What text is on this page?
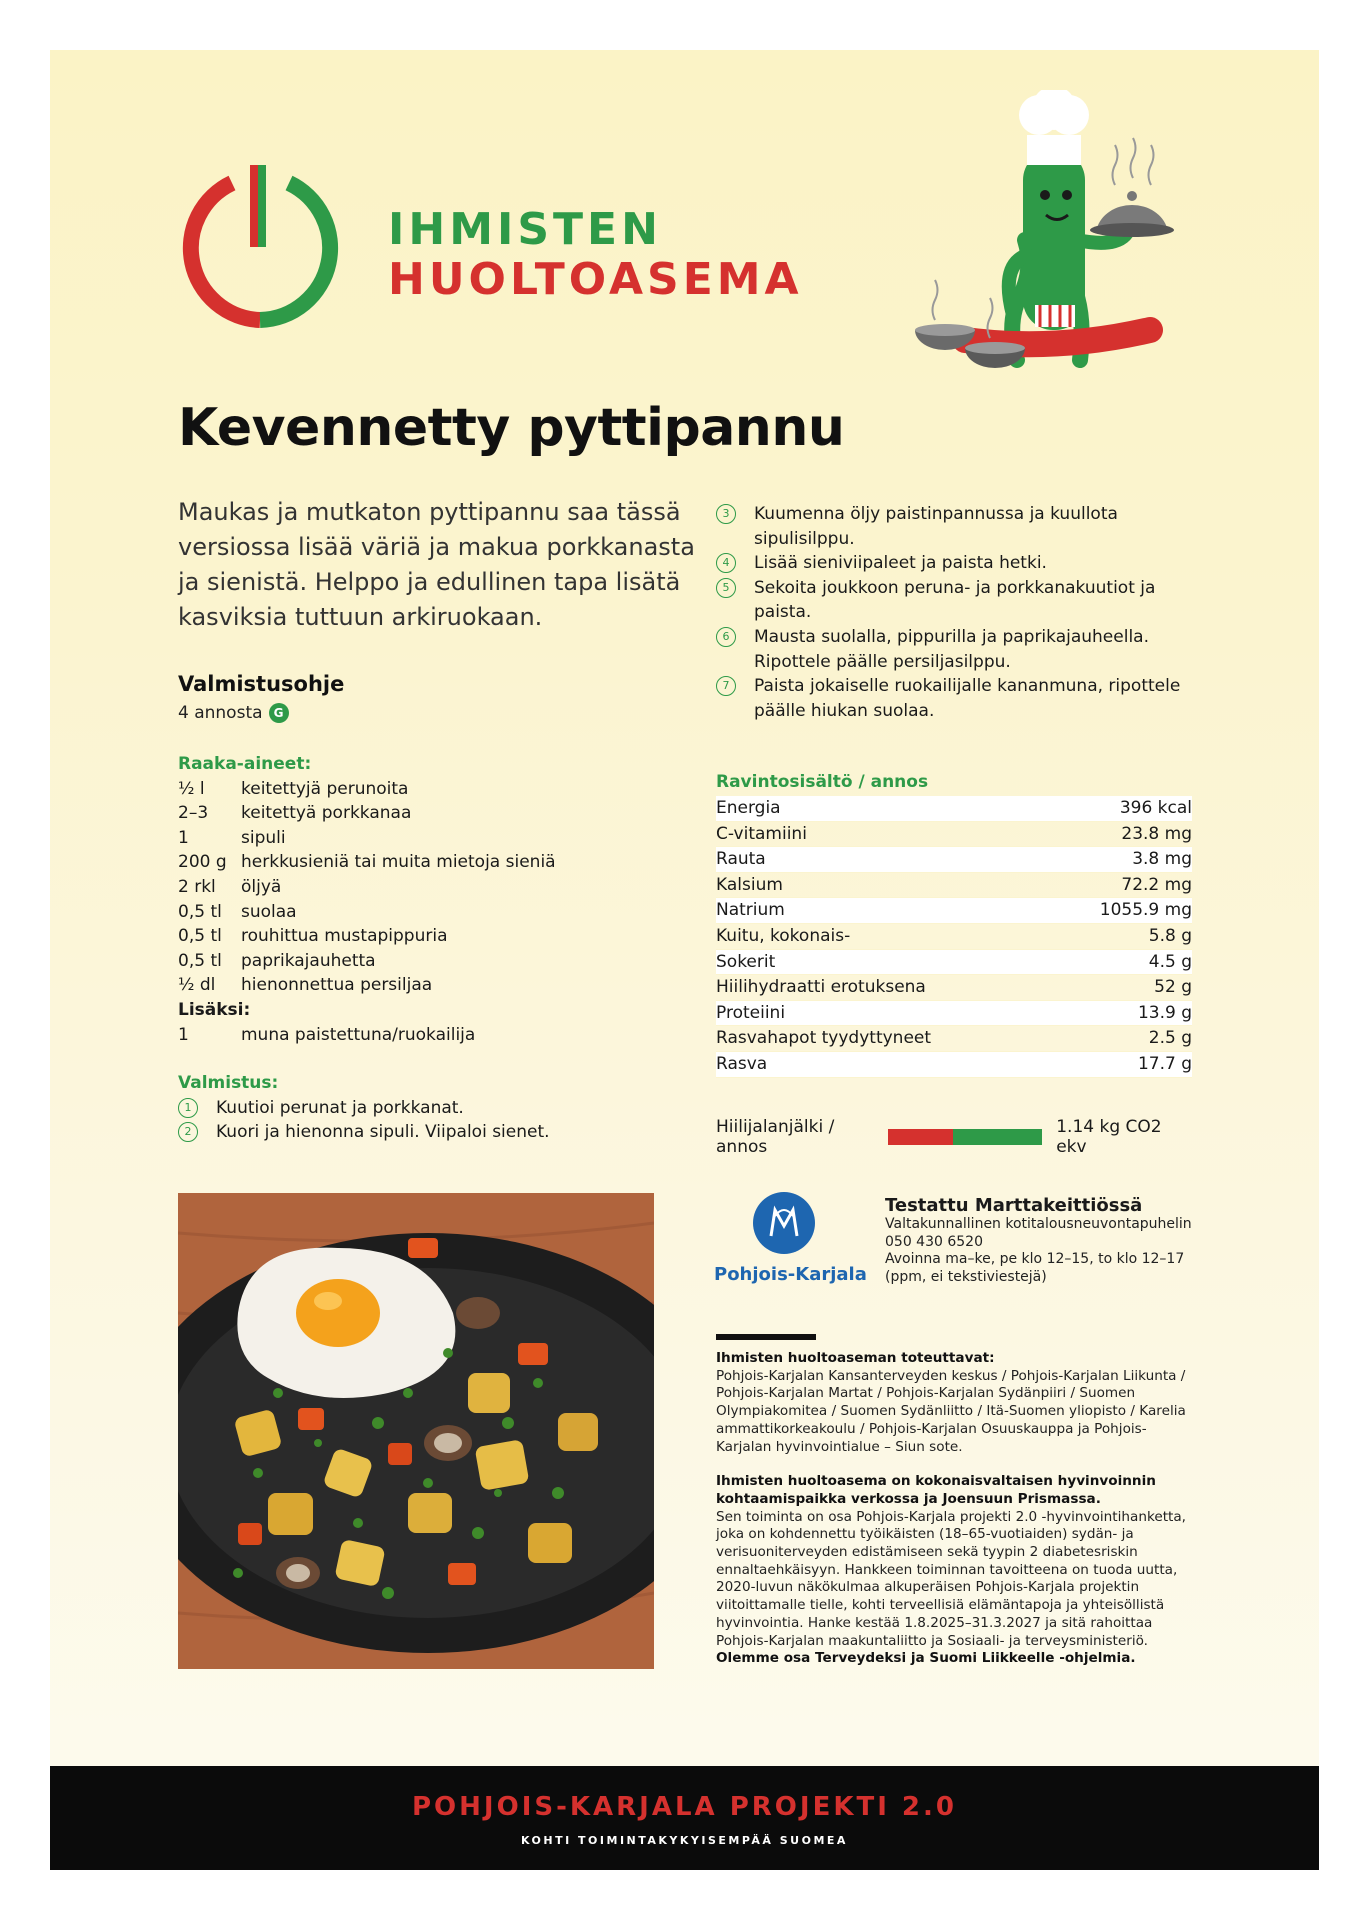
IHMISTEN
HUOLTOASEMA
Kevennetty pyttipannu
Maukas ja mutkaton pyttipannu saa tässä versiossa lisää väriä ja makua porkkanasta ja sienistä. Helppo ja edullinen tapa lisätä kasviksia tuttuun arkiruokaan.
Valmistusohje
4 annosta G
Raaka-aineet:
½ l	keitettyjä perunoita
2–3	keitettyä porkkanaa
1	sipuli
200 g herkkusieniä tai muita mietoja sieniä
2 rkl	öljyä
0,5 tl	suolaa
0,5 tl	rouhittua mustapippuria
0,5 tl	paprikajauhetta
½ dl	hienonnettua persiljaa
Lisäksi:
1	muna paistettuna/ruokailija
Valmistus:
1	Kuutioi perunat ja porkkanat.
2	Kuori ja hienonna sipuli. Viipaloi sienet.
3	Kuumenna öljy paistinpannussa ja kuullota sipulisilppu.
4	Lisää sieniviipaleet ja paista hetki.
5	Sekoita joukkoon peruna- ja porkkanakuutiot ja paista.
6	Mausta suolalla, pippurilla ja paprikajauheella. Ripottele päälle persiljasilppu.
7	Paista jokaiselle ruokailijalle kananmuna, ripottele päälle hiukan suolaa.
Ravintosisältö / annos
Energia	396 kcal
C-vitamiini	23.8 mg
Rauta	3.8 mg
Kalsium	72.2 mg
Natrium	1055.9 mg
Kuitu, kokonais-	5.8 g
Sokerit	4.5 g
Hiilihydraatti erotuksena	52 g
Proteiini	13.9 g
Rasvahapot tyydyttyneet	2.5 g
Rasva	17.7 g
Hiilijalanjälki / annos
1.14 kg CO2 ekv
Pohjois-Karjala
Testattu Marttakeittiössä
Valtakunnallinen kotitalousneuvontapuhelin
050 430 6520
Avoinna ma–ke, pe klo 12–15, to klo 12–17
(ppm, ei tekstiviestejä)
Ihmisten huoltoaseman toteuttavat:
Pohjois-Karjalan Kansanterveyden keskus / Pohjois-Karjalan Liikunta / Pohjois-Karjalan Martat / Pohjois-Karjalan Sydänpiiri / Suomen Olympiakomitea / Suomen Sydänliitto / Itä-Suomen yliopisto / Karelia ammattikorkeakoulu / Pohjois-Karjalan Osuuskauppa ja Pohjois-Karjalan hyvinvointialue – Siun sote.
Ihmisten huoltoasema on kokonaisvaltaisen hyvinvoinnin kohtaamispaikka verkossa ja Joensuun Prismassa.
Sen toiminta on osa Pohjois-Karjala projekti 2.0 -hyvinvointihanketta, joka on kohdennettu työikäisten (18–65-vuotiaiden) sydän- ja verisuoniterveyden edistämiseen sekä tyypin 2 diabetesriskin ennaltaehkäisyyn. Hankkeen toiminnan tavoitteena on tuoda uutta, 2020-luvun näkökulmaa alkuperäisen Pohjois-Karjala projektin viitoittamalle tielle, kohti terveellisiä elämäntapoja ja yhteisöllistä hyvinvointia. Hanke kestää 1.8.2025–31.3.2027 ja sitä rahoittaa Pohjois-Karjalan maakuntaliitto ja Sosiaali- ja terveysministeriö.
Olemme osa Terveydeksi ja Suomi Liikkeelle -ohjelmia.
POHJOIS-KARJALA PROJEKTI 2.0
KOHTI TOIMINTAKYKYISEMPÄÄ SUOMEA
